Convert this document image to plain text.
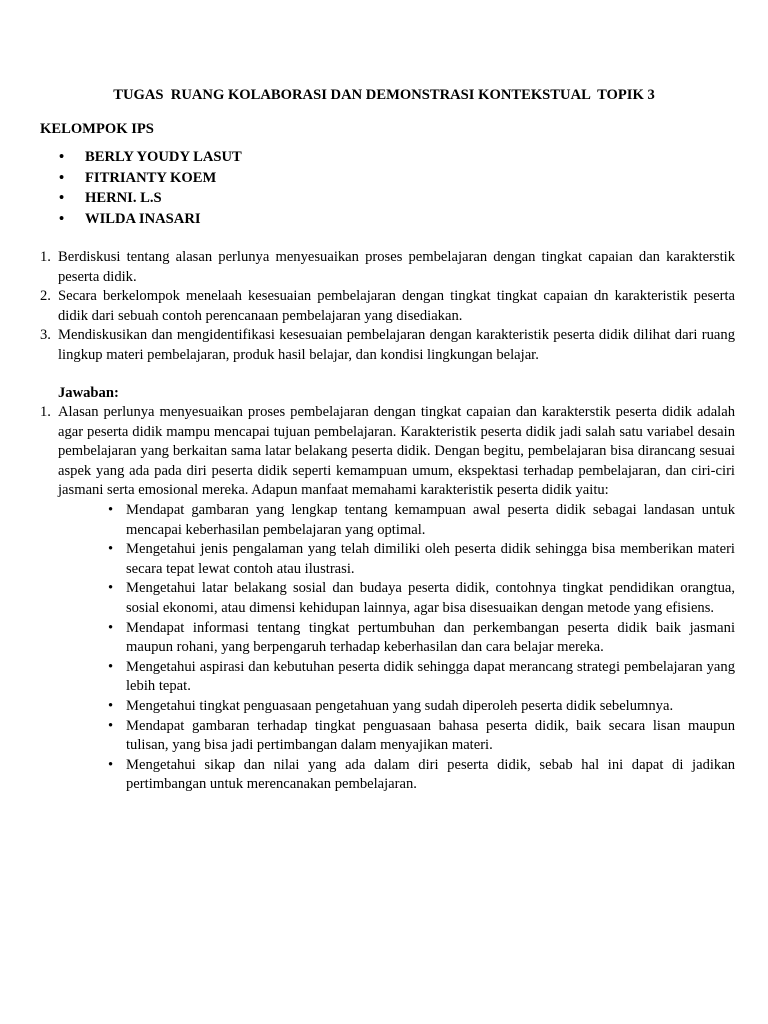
TUGAS  RUANG KOLABORASI DAN DEMONSTRASI KONTEKSTUAL  TOPIK 3
KELOMPOK IPS
• BERLY YOUDY LASUT
• FITRIANTY KOEM
• HERNI. L.S
• WILDA INASARI
1. Berdiskusi tentang alasan perlunya menyesuaikan proses pembelajaran dengan tingkat capaian dan karakterstik peserta didik.
2. Secara berkelompok menelaah kesesuaian pembelajaran dengan tingkat tingkat capaian dn karakteristik peserta didik dari sebuah contoh perencanaan pembelajaran yang disediakan.
3. Mendiskusikan dan mengidentifikasi kesesuaian pembelajaran dengan karakteristik peserta didik dilihat dari ruang lingkup materi pembelajaran, produk hasil belajar, dan kondisi lingkungan belajar.
Jawaban:
1. Alasan perlunya menyesuaikan proses pembelajaran dengan tingkat capaian dan karakterstik peserta didik adalah agar peserta didik mampu mencapai tujuan pembelajaran. Karakteristik peserta didik jadi salah satu variabel desain pembelajaran yang berkaitan sama latar belakang peserta didik. Dengan begitu, pembelajaran bisa dirancang sesuai aspek yang ada pada diri peserta didik seperti kemampuan umum, ekspektasi terhadap pembelajaran, dan ciri-ciri jasmani serta emosional mereka. Adapun manfaat memahami karakteristik peserta didik yaitu:
• Mendapat gambaran yang lengkap tentang kemampuan awal peserta didik sebagai landasan untuk mencapai keberhasilan pembelajaran yang optimal.
• Mengetahui jenis pengalaman yang telah dimiliki oleh peserta didik sehingga bisa memberikan materi secara tepat lewat contoh atau ilustrasi.
• Mengetahui latar belakang sosial dan budaya peserta didik, contohnya tingkat pendidikan orangtua, sosial ekonomi, atau dimensi kehidupan lainnya, agar bisa disesuaikan dengan metode yang efisiens.
• Mendapat informasi tentang tingkat pertumbuhan dan perkembangan peserta didik baik jasmani maupun rohani, yang berpengaruh terhadap keberhasilan dan cara belajar mereka.
• Mengetahui aspirasi dan kebutuhan peserta didik sehingga dapat merancang strategi pembelajaran yang lebih tepat.
• Mengetahui tingkat penguasaan pengetahuan yang sudah diperoleh peserta didik sebelumnya.
• Mendapat gambaran terhadap tingkat penguasaan bahasa peserta didik, baik secara lisan maupun tulisan, yang bisa jadi pertimbangan dalam menyajikan materi.
• Mengetahui sikap dan nilai yang ada dalam diri peserta didik, sebab hal ini dapat di jadikan pertimbangan untuk merencanakan pembelajaran.
